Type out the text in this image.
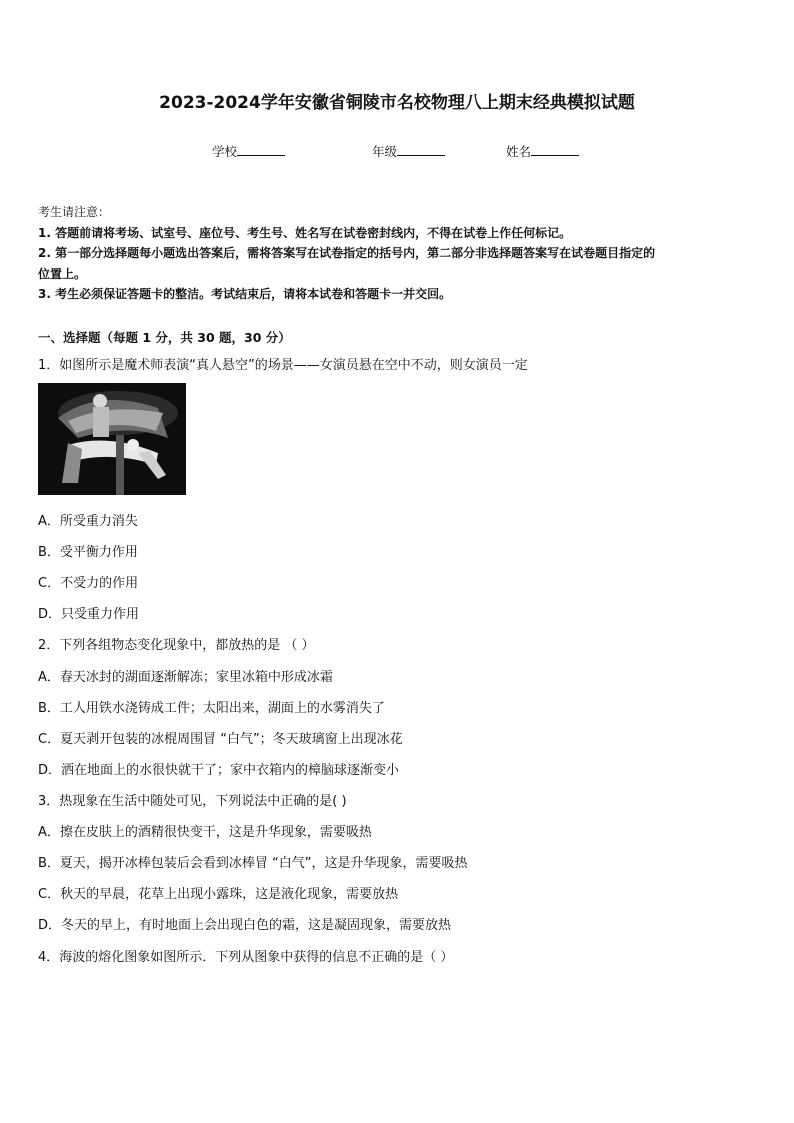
2023-2024学年安徽省铜陵市名校物理八上期末经典模拟试题
学校	年级	姓名
考生请注意：
1. 答题前请将考场、试室号、座位号、考生号、姓名写在试卷密封线内，不得在试卷上作任何标记。
2. 第一部分选择题每小题选出答案后，需将答案写在试卷指定的括号内，第二部分非选择题答案写在试卷题目指定的
位置上。
3. 考生必须保证答题卡的整洁。考试结束后，请将本试卷和答题卡一并交回。
一、选择题（每题 1 分，共 30 题，30 分）
1．如图所示是魔术师表演“真人悬空”的场景——女演员悬在空中不动，则女演员一定
A．所受重力消失
B．受平衡力作用
C．不受力的作用
D．只受重力作用
2．下列各组物态变化现象中，都放热的是 （ ）
A．春天冰封的湖面逐渐解冻；家里冰箱中形成冰霜
B．工人用铁水浇铸成工件；太阳出来，湖面上的水雾消失了
C．夏天剥开包装的冰棍周围冒 “白气”；冬天玻璃窗上出现冰花
D．洒在地面上的水很快就干了；家中衣箱内的樟脑球逐渐变小
3．热现象在生活中随处可见，下列说法中正确的是( )
A．擦在皮肤上的酒精很快变干，这是升华现象，需要吸热
B．夏天，揭开冰棒包装后会看到冰棒冒 “白气”，这是升华现象，需要吸热
C．秋天的早晨，花草上出现小露珠，这是液化现象，需要放热
D．冬天的早上，有时地面上会出现白色的霜，这是凝固现象，需要放热
4．海波的熔化图象如图所示．下列从图象中获得的信息不正确的是（ ）
